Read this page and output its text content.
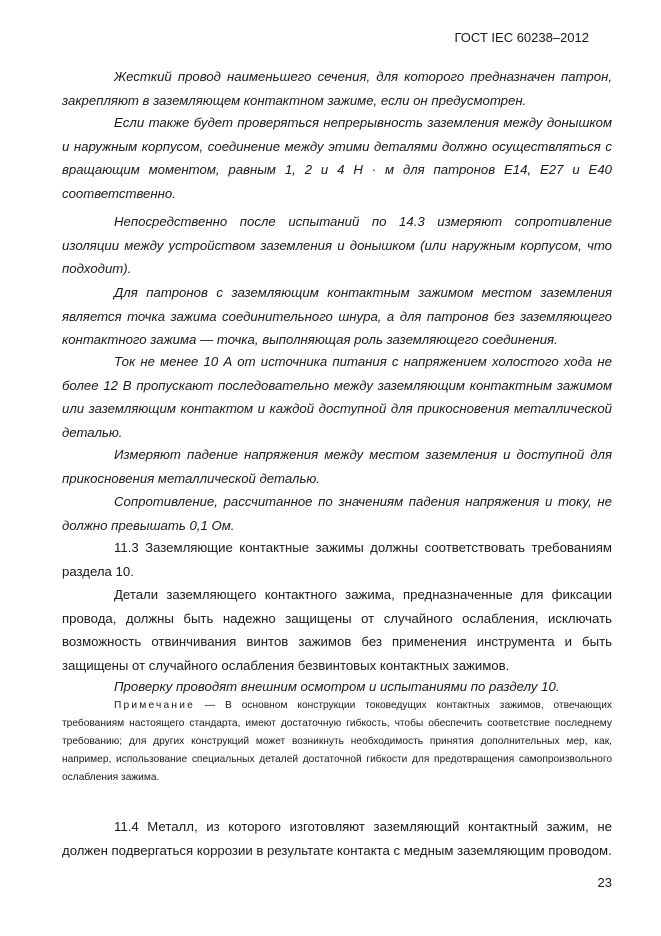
ГОСТ IEC 60238–2012

Жесткий провод наименьшего сечения, для которого предназначен патрон, закрепляют в заземляющем контактном зажиме, если он предусмотрен.

Если также будет проверяться непрерывность заземления между донышком и наружным корпусом, соединение между этими деталями должно осуществляться с вращающим моментом, равным 1, 2 и 4 Н · м для патронов Е14, Е27 и Е40 соответственно.

Непосредственно после испытаний по 14.3 измеряют сопротивление изоляции между устройством заземления и донышком (или наружным корпусом, что подходит).

Для патронов с заземляющим контактным зажимом местом заземления является точка зажима соединительного шнура, а для патронов без заземляющего контактного зажима — точка, выполняющая роль заземляющего соединения.

Ток не менее 10 А от источника питания с напряжением холостого хода не более 12 В пропускают последовательно между заземляющим контактным зажимом или заземляющим контактом и каждой доступной для прикосновения металлической деталью.

Измеряют падение напряжения между местом заземления и доступной для прикосновения металлической деталью.

Сопротивление, рассчитанное по значениям падения напряжения и току, не должно превышать 0,1 Ом.

11.3 Заземляющие контактные зажимы должны соответствовать требованиям раздела 10.

Детали заземляющего контактного зажима, предназначенные для фиксации провода, должны быть надежно защищены от случайного ослабления, исключать возможность отвинчивания винтов зажимов без применения инструмента и быть защищены от случайного ослабления безвинтовых контактных зажимов.

Проверку проводят внешним осмотром и испытаниями по разделу 10.

Примечание — В основном конструкции токоведущих контактных зажимов, отвечающих требованиям настоящего стандарта, имеют достаточную гибкость, чтобы обеспечить соответствие последнему требованию; для других конструкций может возникнуть необходимость принятия дополнительных мер, как, например, использование специальных деталей достаточной гибкости для предотвращения самопроизвольного ослабления зажима.

11.4 Металл, из которого изготовляют заземляющий контактный зажим, не должен подвергаться коррозии в результате контакта с медным заземляющим проводом.

23
